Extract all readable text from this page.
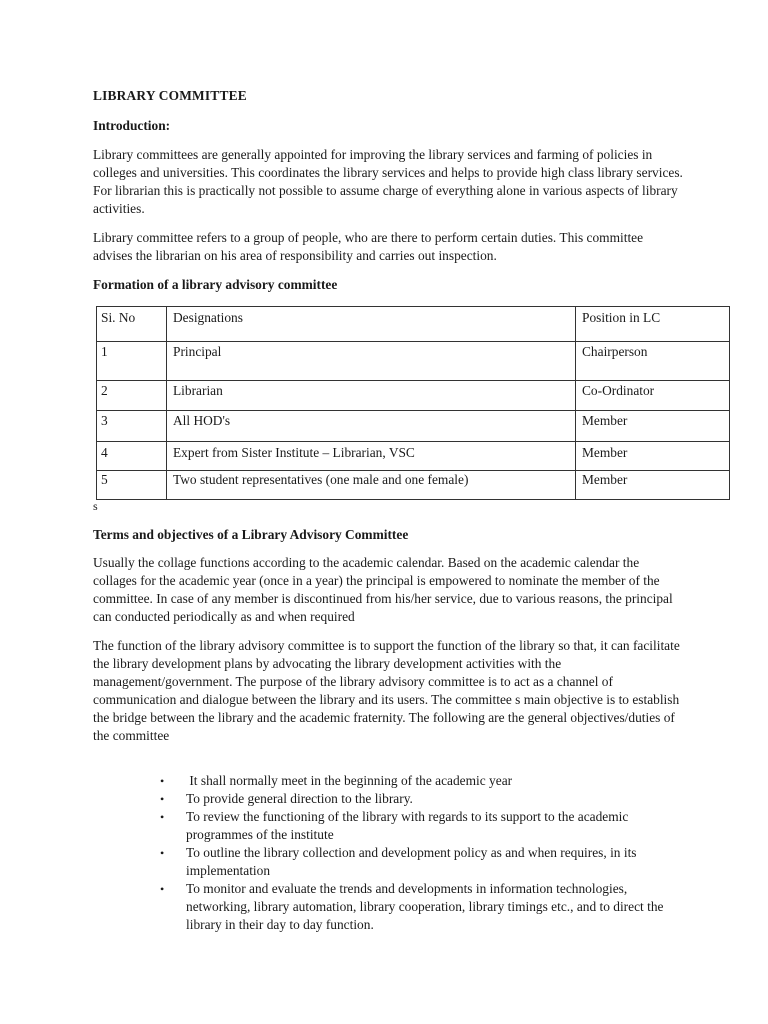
LIBRARY COMMITTEE
Introduction:

Library committees are generally appointed for improving the library services and farming of policies in colleges and universities. This coordinates the library services and helps to provide high class library services. For librarian this is practically not possible to assume charge of everything alone in various aspects of library activities.

Library committee refers to a group of people, who are there to perform certain duties. This committee advises the librarian on his area of responsibility and carries out inspection.

Formation of a library advisory committee
Si. No	Designations	Position in LC
1	Principal	Chairperson
2	Librarian	Co-Ordinator
3	All HOD's	Member
4	Expert from Sister Institute – Librarian, VSC	Member
5	Two student representatives (one male and one female)	Member
s
Terms and objectives of a Library Advisory Committee

Usually the collage functions according to the academic calendar. Based on the academic calendar the collages for the academic year (once in a year) the principal is empowered to nominate the member of the committee. In case of any member is discontinued from his/her service, due to various reasons, the principal can conducted periodically as and when required

The function of the library advisory committee is to support the function of the library so that, it can facilitate the library development plans by advocating the library development activities with the management/government. The purpose of the library advisory committee is to act as a channel of communication and dialogue between the library and its users. The committee s main objective is to establish the bridge between the library and the academic fraternity. The following are the general objectives/duties of the committee

• It shall normally meet in the beginning of the academic year
• To provide general direction to the library.
• To review the functioning of the library with regards to its support to the academic programmes of the institute
• To outline the library collection and development policy as and when requires, in its implementation
• To monitor and evaluate the trends and developments in information technologies, networking, library automation, library cooperation, library timings etc., and to direct the library in their day to day function.
